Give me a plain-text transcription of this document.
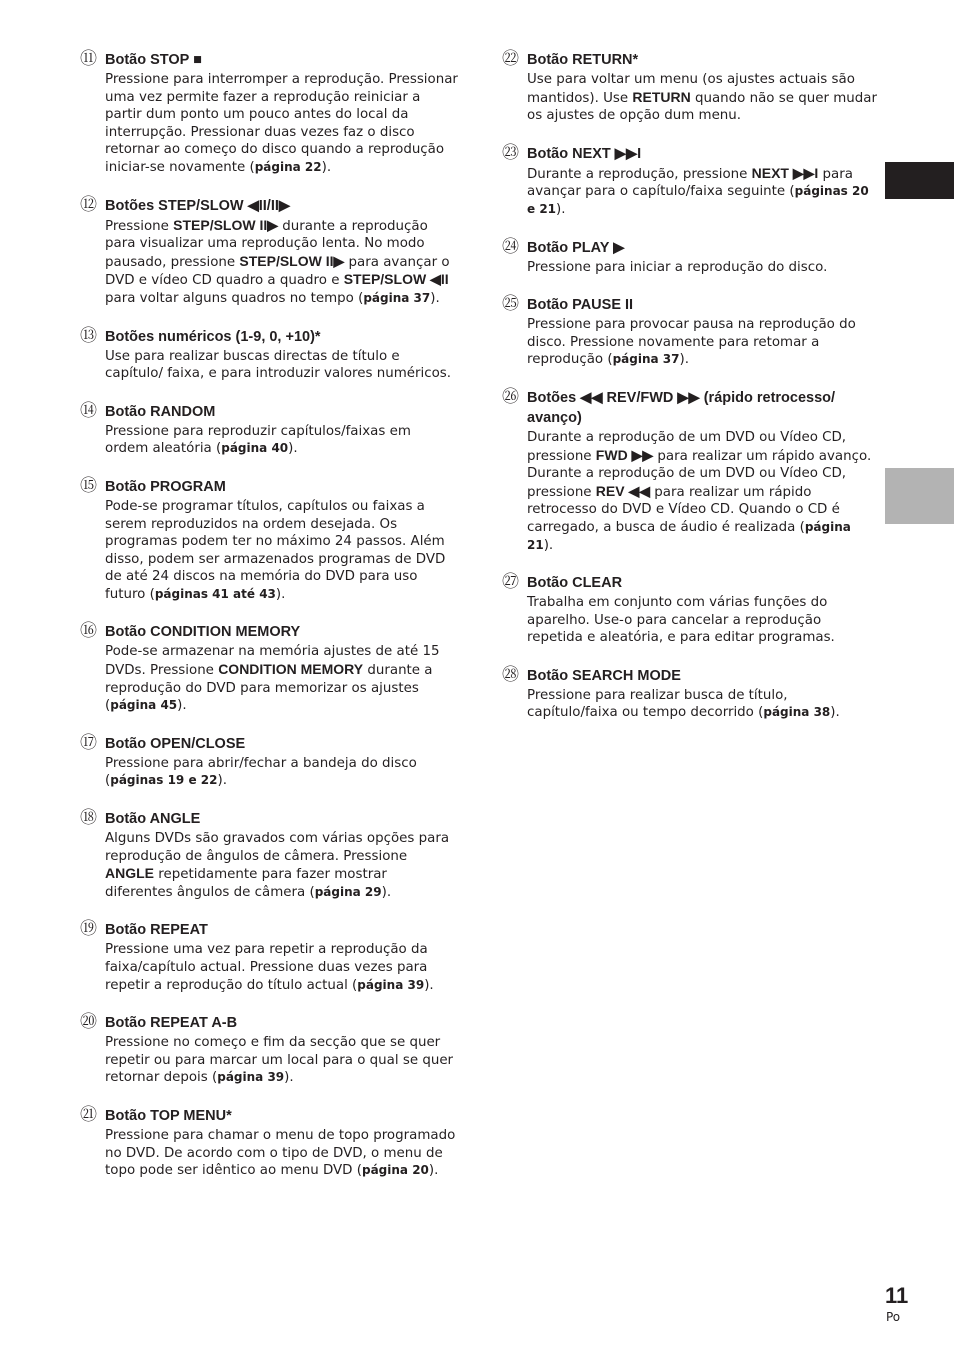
⑪ Botão STOP ■
Pressione para interromper a reprodução. Pressionar uma vez permite fazer a reprodução reiniciar a partir dum ponto um pouco antes do local da interrupção. Pressionar duas vezes faz o disco retornar ao começo do disco quando a reprodução iniciar-se novamente (página 22).
⑫ Botões STEP/SLOW ◀II/II▶
Pressione STEP/SLOW II▶ durante a reprodução para visualizar uma reprodução lenta. No modo pausado, pressione STEP/SLOW II▶ para avançar o DVD e vídeo CD quadro a quadro e STEP/SLOW ◀II para voltar alguns quadros no tempo (página 37).
⑬ Botões numéricos (1-9, 0, +10)*
Use para realizar buscas directas de título e capítulo/ faixa, e para introduzir valores numéricos.
⑭ Botão RANDOM
Pressione para reproduzir capítulos/faixas em ordem aleatória (página 40).
⑮ Botão PROGRAM
Pode-se programar títulos, capítulos ou faixas a serem reproduzidos na ordem desejada. Os programas podem ter no máximo 24 passos. Além disso, podem ser armazenados programas de DVD de até 24 discos na memória do DVD para uso futuro (páginas 41 até 43).
⑯ Botão CONDITION MEMORY
Pode-se armazenar na memória ajustes de até 15 DVDs. Pressione CONDITION MEMORY durante a reprodução do DVD para memorizar os ajustes (página 45).
⑰ Botão OPEN/CLOSE
Pressione para abrir/fechar a bandeja do disco (páginas 19 e 22).
⑱ Botão ANGLE
Alguns DVDs são gravados com várias opções para reprodução de ângulos de câmera. Pressione ANGLE repetidamente para fazer mostrar diferentes ângulos de câmera (página 29).
⑲ Botão REPEAT
Pressione uma vez para repetir a reprodução da faixa/capítulo actual. Pressione duas vezes para repetir a reprodução do título actual (página 39).
⑳ Botão REPEAT A-B
Pressione no começo e fim da secção que se quer repetir ou para marcar um local para o qual se quer retornar depois (página 39).
㉑ Botão TOP MENU*
Pressione para chamar o menu de topo programado no DVD. De acordo com o tipo de DVD, o menu de topo pode ser idêntico ao menu DVD (página 20).
㉒ Botão RETURN*
Use para voltar um menu (os ajustes actuais são mantidos). Use RETURN quando não se quer mudar os ajustes de opção dum menu.
㉓ Botão NEXT ▶▶I
Durante a reprodução, pressione NEXT ▶▶I para avançar para o capítulo/faixa seguinte (páginas 20 e 21).
㉔ Botão PLAY ▶
Pressione para iniciar a reprodução do disco.
㉕ Botão PAUSE II
Pressione para provocar pausa na reprodução do disco. Pressione novamente para retomar a reprodução (página 37).
㉖ Botões ◀◀ REV/FWD ▶▶ (rápido retrocesso/ avanço)
Durante a reprodução de um DVD ou Vídeo CD, pressione FWD ▶▶ para realizar um rápido avanço. Durante a reprodução de um DVD ou Vídeo CD, pressione REV ◀◀ para realizar um rápido retrocesso do DVD e Vídeo CD. Quando o CD é carregado, a busca de áudio é realizada (página 21).
㉗ Botão CLEAR
Trabalha em conjunto com várias funções do aparelho. Use-o para cancelar a reprodução repetida e aleatória, e para editar programas.
㉘ Botão SEARCH MODE
Pressione para realizar busca de título, capítulo/faixa ou tempo decorrido (página 38).
11
Po
